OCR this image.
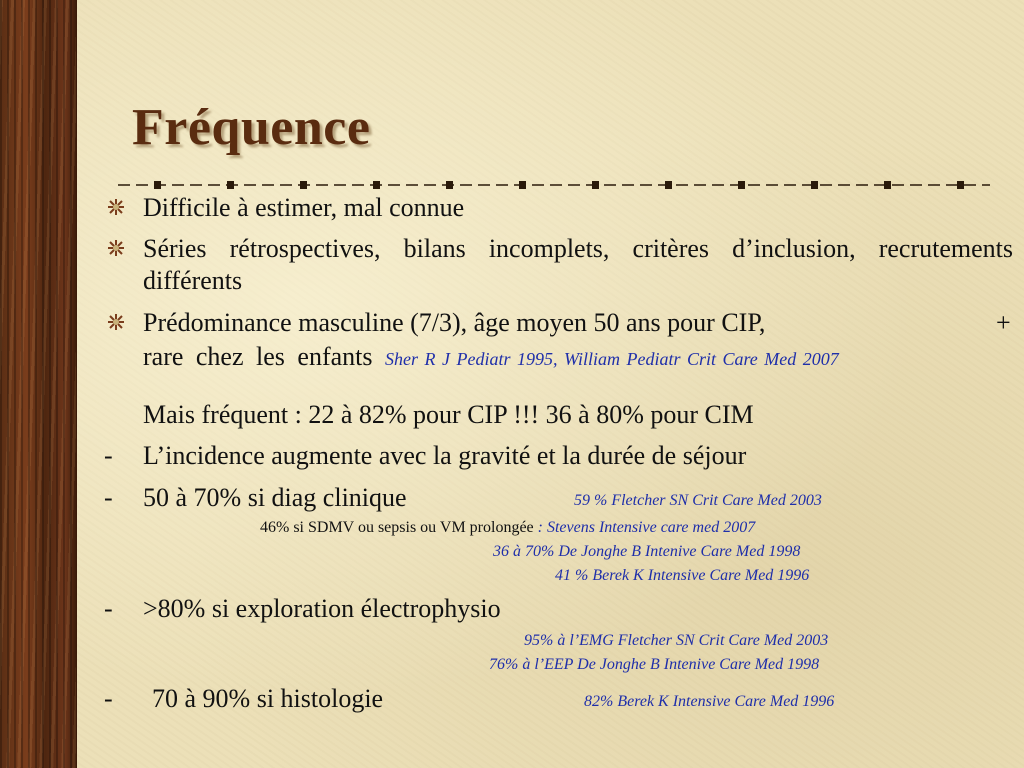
Fréquence
Difficile à estimer, mal connue
Séries rétrospectives, bilans incomplets, critères d’inclusion, recrutements différents
Prédominance masculine (7/3), âge moyen 50 ans pour CIP,	+
rare chez les enfants Sher R J Pediatr 1995, William Pediatr Crit Care Med 2007
Mais fréquent : 22 à 82% pour CIP !!! 36 à 80% pour CIM
- L’incidence augmente avec la gravité et la durée de séjour
- 50 à 70% si diag clinique	59 % Fletcher SN Crit Care Med 2003
46% si SDMV ou sepsis ou VM prolongée : Stevens Intensive care med 2007
36 à 70% De Jonghe B Intenive Care Med 1998
41 % Berek K Intensive Care Med 1996
- >80% si exploration électrophysio
95% à l’EMG Fletcher SN Crit Care Med 2003
76% à l’EEP De Jonghe B Intenive Care Med 1998
- 70 à 90% si histologie	82% Berek K Intensive Care Med 1996
